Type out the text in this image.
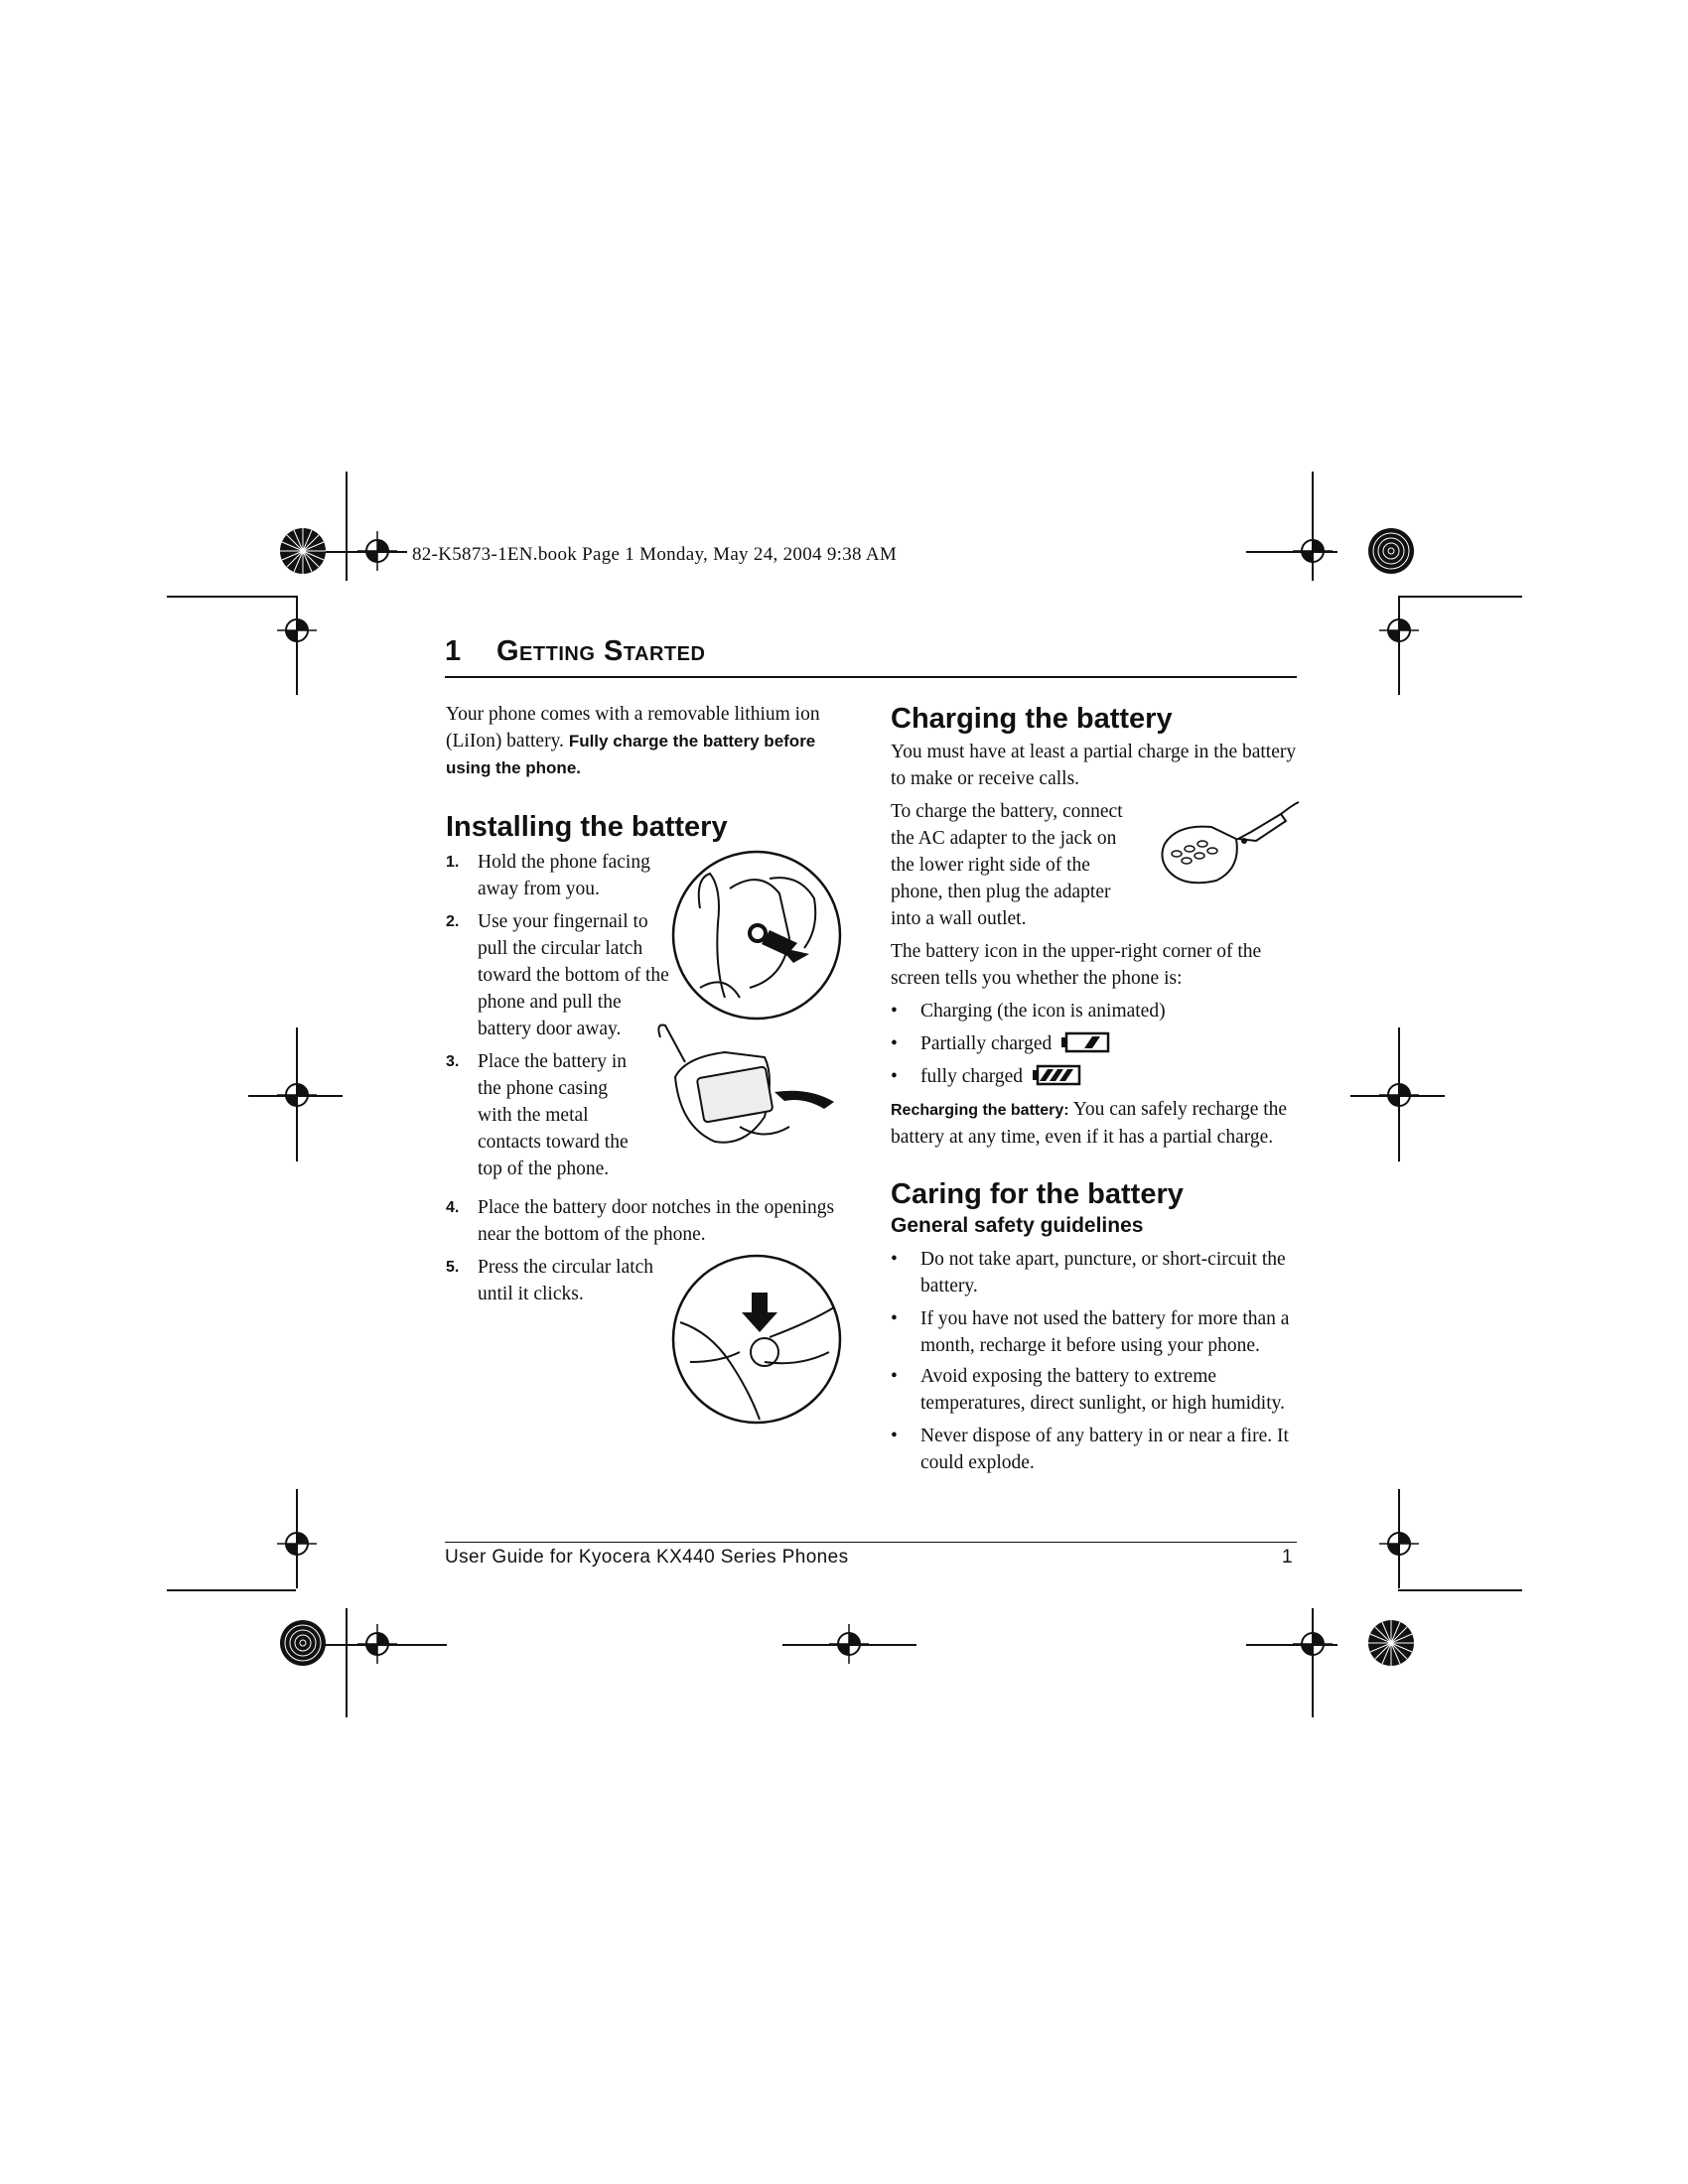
82-K5873-1EN.book Page 1 Monday, May 24, 2004 9:38 AM
1 Getting Started

Your phone comes with a removable lithium ion (LiIon) battery. Fully charge the battery before using the phone.

Installing the battery
1. Hold the phone facing away from you.
2. Use your fingernail to pull the circular latch toward the bottom of the phone and pull the battery door away.
3. Place the battery in the phone casing with the metal contacts toward the top of the phone.
4. Place the battery door notches in the openings near the bottom of the phone.
5. Press the circular latch until it clicks.
Charging the battery

You must have at least a partial charge in the battery to make or receive calls.

To charge the battery, connect the AC adapter to the jack on the lower right side of the phone, then plug the adapter into a wall outlet.

The battery icon in the upper-right corner of the screen tells you whether the phone is:

• Charging (the icon is animated)
• Partially charged
• fully charged

Recharging the battery: You can safely recharge the battery at any time, even if it has a partial charge.

Caring for the battery
General safety guidelines
• Do not take apart, puncture, or short-circuit the battery.
• If you have not used the battery for more than a month, recharge it before using your phone.
• Avoid exposing the battery to extreme temperatures, direct sunlight, or high humidity.
• Never dispose of any battery in or near a fire. It could explode.
User Guide for Kyocera KX440 Series Phones	1
